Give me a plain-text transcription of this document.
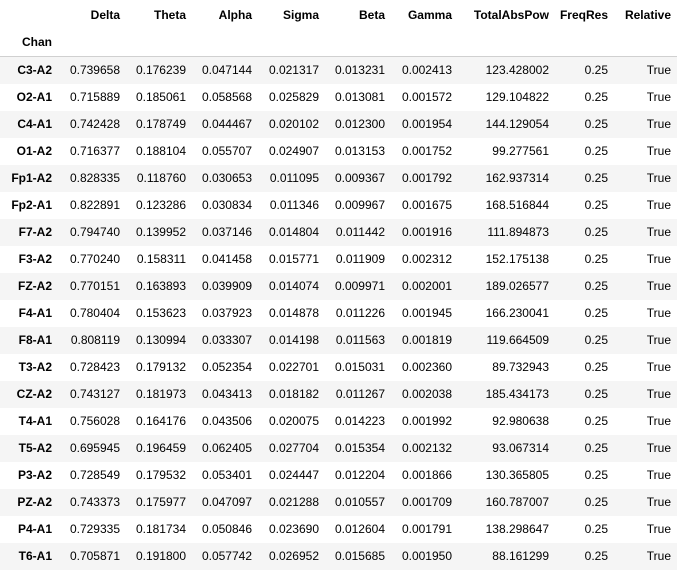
	Delta	Theta	Alpha	Sigma	Beta	Gamma	TotalAbsPow	FreqRes	Relative
Chan									
C3-A2	0.739658	0.176239	0.047144	0.021317	0.013231	0.002413	123.428002	0.25	True
O2-A1	0.715889	0.185061	0.058568	0.025829	0.013081	0.001572	129.104822	0.25	True
C4-A1	0.742428	0.178749	0.044467	0.020102	0.012300	0.001954	144.129054	0.25	True
O1-A2	0.716377	0.188104	0.055707	0.024907	0.013153	0.001752	99.277561	0.25	True
Fp1-A2	0.828335	0.118760	0.030653	0.011095	0.009367	0.001792	162.937314	0.25	True
Fp2-A1	0.822891	0.123286	0.030834	0.011346	0.009967	0.001675	168.516844	0.25	True
F7-A2	0.794740	0.139952	0.037146	0.014804	0.011442	0.001916	111.894873	0.25	True
F3-A2	0.770240	0.158311	0.041458	0.015771	0.011909	0.002312	152.175138	0.25	True
FZ-A2	0.770151	0.163893	0.039909	0.014074	0.009971	0.002001	189.026577	0.25	True
F4-A1	0.780404	0.153623	0.037923	0.014878	0.011226	0.001945	166.230041	0.25	True
F8-A1	0.808119	0.130994	0.033307	0.014198	0.011563	0.001819	119.664509	0.25	True
T3-A2	0.728423	0.179132	0.052354	0.022701	0.015031	0.002360	89.732943	0.25	True
CZ-A2	0.743127	0.181973	0.043413	0.018182	0.011267	0.002038	185.434173	0.25	True
T4-A1	0.756028	0.164176	0.043506	0.020075	0.014223	0.001992	92.980638	0.25	True
T5-A2	0.695945	0.196459	0.062405	0.027704	0.015354	0.002132	93.067314	0.25	True
P3-A2	0.728549	0.179532	0.053401	0.024447	0.012204	0.001866	130.365805	0.25	True
PZ-A2	0.743373	0.175977	0.047097	0.021288	0.010557	0.001709	160.787007	0.25	True
P4-A1	0.729335	0.181734	0.050846	0.023690	0.012604	0.001791	138.298647	0.25	True
T6-A1	0.705871	0.191800	0.057742	0.026952	0.015685	0.001950	88.161299	0.25	True
